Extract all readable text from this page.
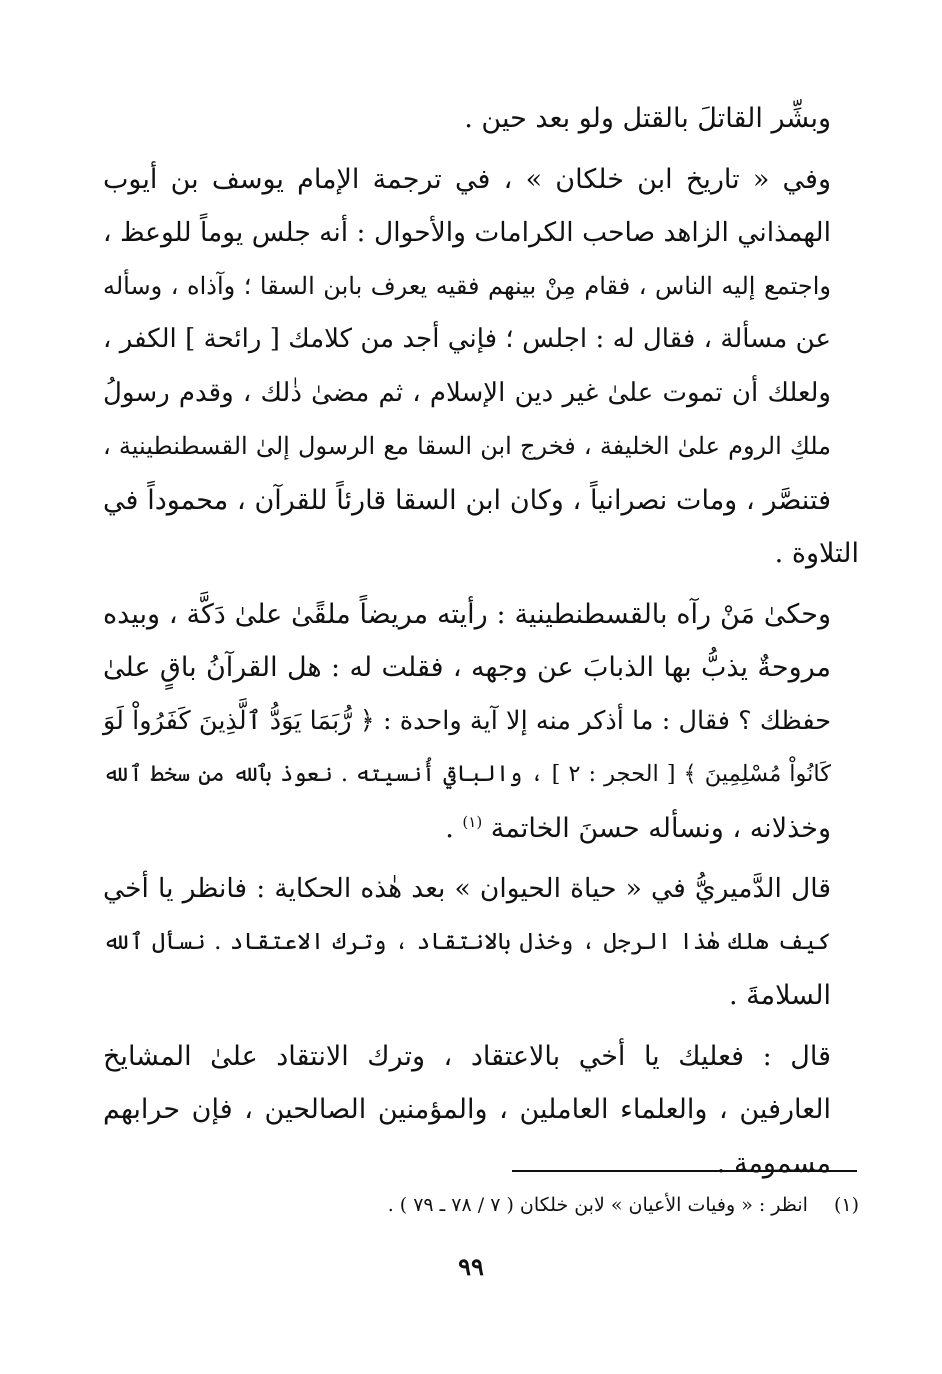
وبشِّر القاتلَ بالقتل ولو بعد حين .

وفي « تاريخ ابن خلكان » ، في ترجمة الإمام يوسف بن أيوب
الهمذاني الزاهد صاحب الكرامات والأحوال : أنه جلس يوماً للوعظ ،
واجتمع إليه الناس ، فقام مِنْ بينهم فقيه يعرف بابن السقا ؛ وآذاه ، وسأله
عن مسألة ، فقال له : اجلس ؛ فإني أجد من كلامك [ رائحة ] الكفر ،
ولعلك أن تموت علىٰ غير دين الإسلام ، ثم مضىٰ ذٰلك ، وقدم رسولُ
ملكِ الروم علىٰ الخليفة ، فخرج ابن السقا مع الرسول إلىٰ القسطنطينية ،
فتنصَّر ، ومات نصرانياً ، وكان ابن السقا قارئاً للقرآن ، محموداً في
التلاوة .

وحكىٰ مَنْ رآه بالقسطنطينية : رأيته مريضاً ملقًىٰ علىٰ دَكَّة ، وبيده
مروحةٌ يذبُّ بها الذبابَ عن وجهه ، فقلت له : هل القرآنُ باقٍ علىٰ
حفظك ؟ فقال : ما أذكر منه إلا آية واحدة : ﴿ رُّبَمَا يَوَدُّ ٱلَّذِينَ كَفَرُواْ لَوَ
كَانُواْ مُسْلِمِينَ ﴾ [ الحجر : ٢ ] ، والباقي أُنسيته . نعوذ بٱلله من سخط ٱلله
وخذلانه ، ونسأله حسنَ الخاتمة $^{(١)}$ .

قال الدَّميريُّ في « حياة الحيوان » بعد هٰذه الحكاية : فانظر يا أخي
كيف هلك هٰذا الرجل ، وخذل بالانتقاد ، وترك الاعتقاد . نسأل ٱلله
السلامةَ .

قال : فعليك يا أخي بالاعتقاد ، وترك الانتقاد علىٰ المشايخ
العارفين ، والعلماء العاملين ، والمؤمنين الصالحين ، فإن حرابهم
مسمومة .

(١)انظر : « وفيات الأعيان » لابن خلكان ( ٧ / ٧٨ ـ ٧٩ ) .
٩٩
